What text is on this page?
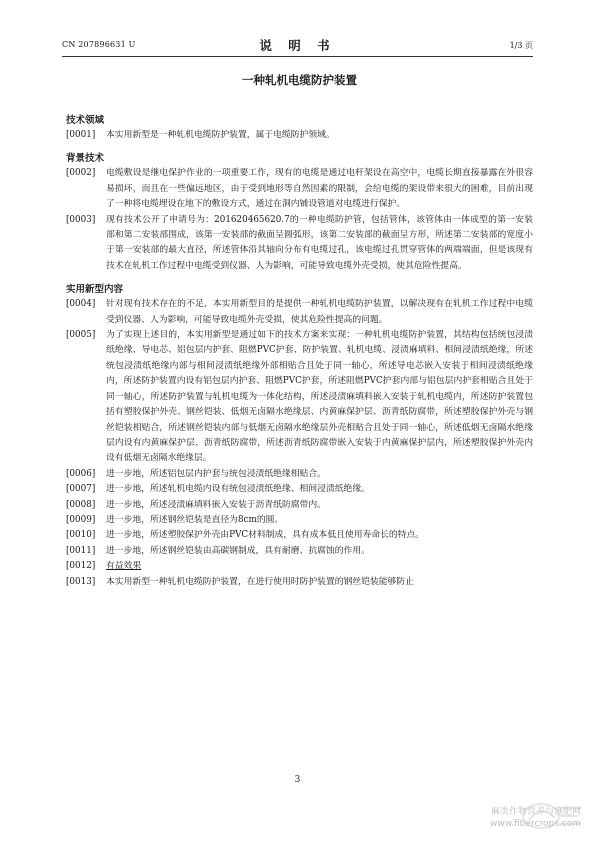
CN 207896631 U	说 明 书	1/3 页
一种轧机电缆防护装置
技术领域
[0001]	本实用新型是一种轧机电缆防护装置，属于电缆防护领域。
背景技术
[0002]	电缆敷设是继电保护作业的一项重要工作，现有的电缆是通过电杆架设在高空中，电缆长期直接暴露在外很容易损坏，而且在一些偏远地区，由于受到地形等自然因素的限制，会给电缆的架设带来很大的困难，目前出现了一种将电缆埋设在地下的敷设方式，通过在洞内铺设管道对电缆进行保护。
[0003]	现有技术公开了申请号为：201620465620.7的一种电缆防护管，包括管体，该管体由一体成型的第一安装部和第二安装部围成，该第一安装部的截面呈圆弧形，该第二安装部的截面呈方形，所述第二安装部的宽度小于第一安装部的最大直径，所述管体沿其轴向分布有电缆过孔，该电缆过孔贯穿管体的两端端面，但是该现有技术在轧机工作过程中电缆受到仪器、人为影响，可能导致电缆外壳受损，使其危险性提高。
实用新型内容
[0004]	针对现有技术存在的不足，本实用新型目的是提供一种轧机电缆防护装置，以解决现有在轧机工作过程中电缆受到仪器、人为影响，可能导致电缆外壳受损，使其危险性提高的问题。
[0005]	为了实现上述目的，本实用新型是通过如下的技术方案来实现：一种轧机电缆防护装置，其结构包括统包浸渍纸绝缘、导电芯、铝包层内护套、阻燃PVC护套、防护装置、轧机电缆、浸渍麻填料、相间浸渍纸绝缘，所述统包浸渍纸绝缘内部与相间浸渍纸绝缘外部相贴合且处于同一轴心，所述导电芯嵌入安装于相间浸渍纸绝缘内，所述防护装置内设有铝包层内护套、阻燃PVC护套，所述阻燃PVC护套内部与铝包层内护套相贴合且处于同一轴心，所述防护装置与轧机电缆为一体化结构，所述浸渍麻填料嵌入安装于轧机电缆内，所述防护装置包括有塑胶保护外壳、钢丝铠装、低烟无卤隔水绝缘层、内黄麻保护层、沥青纸防腐带，所述塑胶保护外壳与钢丝铠装相贴合，所述钢丝铠装内部与低烟无卤隔水绝缘层外壳相贴合且处于同一轴心，所述低烟无卤隔水绝缘层内设有内黄麻保护层、沥青纸防腐带，所述沥青纸防腐带嵌入安装于内黄麻保护层内，所述塑胶保护外壳内设有低烟无卤隔水绝缘层。
[0006]	进一步地，所述铝包层内护套与统包浸渍纸绝缘相贴合。
[0007]	进一步地，所述轧机电缆内设有统包浸渍纸绝缘、相间浸渍纸绝缘。
[0008]	进一步地，所述浸渍麻填料嵌入安装于沥青纸防腐带内。
[0009]	进一步地，所述钢丝铠装是直径为8cm的圆。
[0010]	进一步地，所述塑胶保护外壳由PVC材料制成，具有成本低且使用寿命长的特点。
[0011]	进一步地，所述钢丝铠装由高碳钢制成，具有耐磨、抗腐蚀的作用。
[0012]	有益效果
[0013]	本实用新型一种轧机电缆防护装置，在进行使用时防护装置的钢丝铠装能够防止
3
麻类作物营养与施肥网
www.fibercrops.com
